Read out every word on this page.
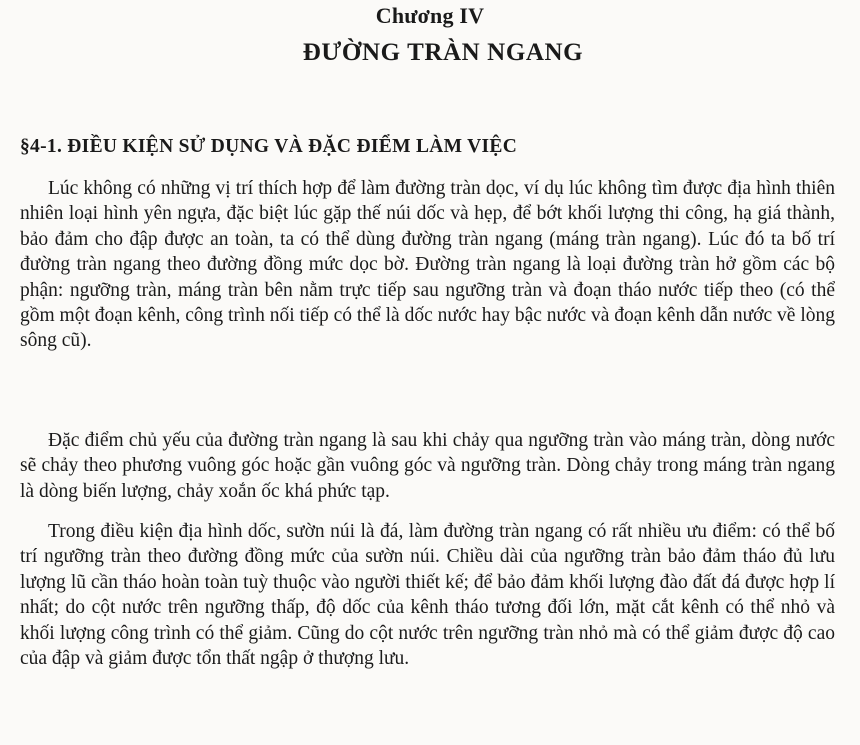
Chương IV
ĐƯỜNG TRÀN NGANG
§4-1. ĐIỀU KIỆN SỬ DỤNG VÀ ĐẶC ĐIỂM LÀM VIỆC

Lúc không có những vị trí thích hợp để làm đường tràn dọc, ví dụ lúc không tìm được địa hình thiên nhiên loại hình yên ngựa, đặc biệt lúc gặp thế núi dốc và hẹp, để bớt khối lượng thi công, hạ giá thành, bảo đảm cho đập được an toàn, ta có thể dùng đường tràn ngang (máng tràn ngang). Lúc đó ta bố trí đường tràn ngang theo đường đồng mức dọc bờ. Đường tràn ngang là loại đường tràn hở gồm các bộ phận: ngưỡng tràn, máng tràn bên nằm trực tiếp sau ngưỡng tràn và đoạn tháo nước tiếp theo (có thể gồm một đoạn kênh, công trình nối tiếp có thể là dốc nước hay bậc nước và đoạn kênh dẫn nước về lòng sông cũ).

Đặc điểm chủ yếu của đường tràn ngang là sau khi chảy qua ngưỡng tràn vào máng tràn, dòng nước sẽ chảy theo phương vuông góc hoặc gần vuông góc và ngưỡng tràn. Dòng chảy trong máng tràn ngang là dòng biến lượng, chảy xoắn ốc khá phức tạp.

Trong điều kiện địa hình dốc, sườn núi là đá, làm đường tràn ngang có rất nhiều ưu điểm: có thể bố trí ngưỡng tràn theo đường đồng mức của sườn núi. Chiều dài của ngưỡng tràn bảo đảm tháo đủ lưu lượng lũ cần tháo hoàn toàn tuỳ thuộc vào người thiết kế; để bảo đảm khối lượng đào đất đá được hợp lí nhất; do cột nước trên ngưỡng thấp, độ dốc của kênh tháo tương đối lớn, mặt cắt kênh có thể nhỏ và khối lượng công trình có thể giảm. Cũng do cột nước trên ngưỡng tràn nhỏ mà có thể giảm được độ cao của đập và giảm được tổn thất ngập ở thượng lưu.
